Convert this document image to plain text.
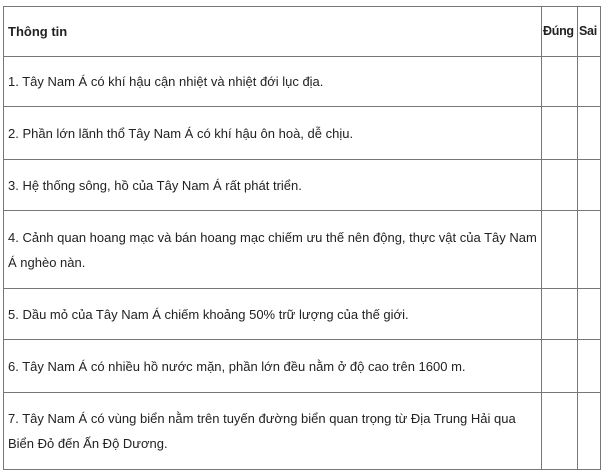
Thông tin	Đúng	Sai
1. Tây Nam Á có khí hậu cận nhiệt và nhiệt đới lục địa.		
2. Phần lớn lãnh thổ Tây Nam Á có khí hậu ôn hoà, dễ chịu.		
3. Hệ thống sông, hồ của Tây Nam Á rất phát triển.		
4. Cảnh quan hoang mạc và bán hoang mạc chiếm ưu thế nên động, thực vật của Tây Nam Á nghèo nàn.		
5. Dầu mỏ của Tây Nam Á chiếm khoảng 50% trữ lượng của thế giới.		
6. Tây Nam Á có nhiều hồ nước mặn, phần lớn đều nằm ở độ cao trên 1600 m.		
7. Tây Nam Á có vùng biển nằm trên tuyến đường biển quan trọng từ Địa Trung Hải qua Biển Đỏ đến Ấn Độ Dương.		
